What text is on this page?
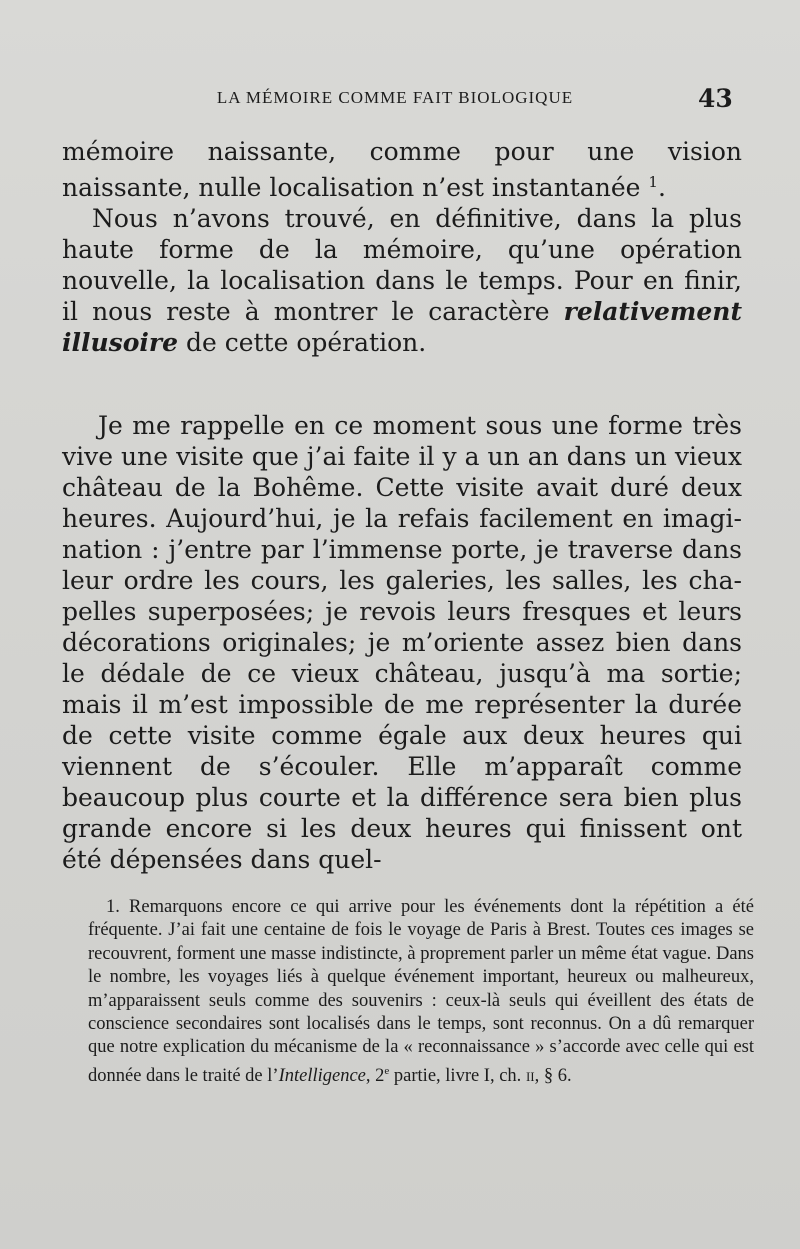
LA MÉMOIRE COMME FAIT BIOLOGIQUE	43

mémoire naissante, comme pour une vision naissante, nulle localisation n’est instantanée $^1$.

Nous n’avons trouvé, en définitive, dans la plus haute forme de la mémoire, qu’une opération nouvelle, la localisation dans le temps. Pour en finir, il nous reste à montrer le caractère relativement illusoire de cette opération.

Je me rappelle en ce moment sous une forme très vive une visite que j’ai faite il y a un an dans un vieux château de la Bohême. Cette visite avait duré deux heures. Aujourd’hui, je la refais facilement en imagination : j’entre par l’immense porte, je traverse dans leur ordre les cours, les galeries, les salles, les chapelles superposées; je revois leurs fresques et leurs décorations originales; je m’oriente assez bien dans le dédale de ce vieux château, jusqu’à ma sortie; mais il m’est impossible de me représenter la durée de cette visite comme égale aux deux heures qui viennent de s’écouler. Elle m’apparaît comme beaucoup plus courte et la différence sera bien plus grande encore si les deux heures qui finissent ont été dépensées dans quel-

1. Remarquons encore ce qui arrive pour les événements dont la répétition a été fréquente. J’ai fait une centaine de fois le voyage de Paris à Brest. Toutes ces images se recouvrent, forment une masse indistincte, à proprement parler un même état vague. Dans le nombre, les voyages liés à quelque événement important, heureux ou malheureux, m’apparaissent seuls comme des souvenirs : ceux-là seuls qui éveillent des états de conscience secondaires sont localisés dans le temps, sont reconnus. On a dû remarquer que notre explication du mécanisme de la « reconnaissance » s’accorde avec celle qui est donnée dans le traité de l’Intelligence, 2e partie, livre I, ch. ii, § 6.
